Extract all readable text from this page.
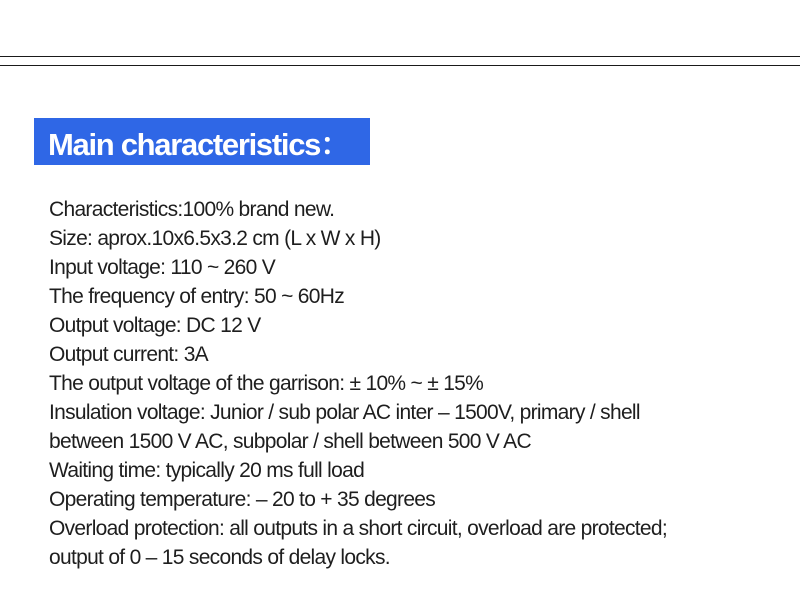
Main characteristics：
Characteristics:100% brand new.
Size: aprox.10x6.5x3.2 cm (L x W x H)
Input voltage: 110 ~ 260 V
The frequency of entry: 50 ~ 60Hz
Output voltage: DC 12 V
Output current: 3A
The output voltage of the garrison: ± 10% ~ ± 15%
Insulation voltage: Junior / sub polar AC inter – 1500V, primary / shell
between 1500 V AC, subpolar / shell between 500 V AC
Waiting time: typically 20 ms full load
Operating temperature: – 20 to + 35 degrees
Overload protection: all outputs in a short circuit, overload are protected;
output of 0 – 15 seconds of delay locks.
